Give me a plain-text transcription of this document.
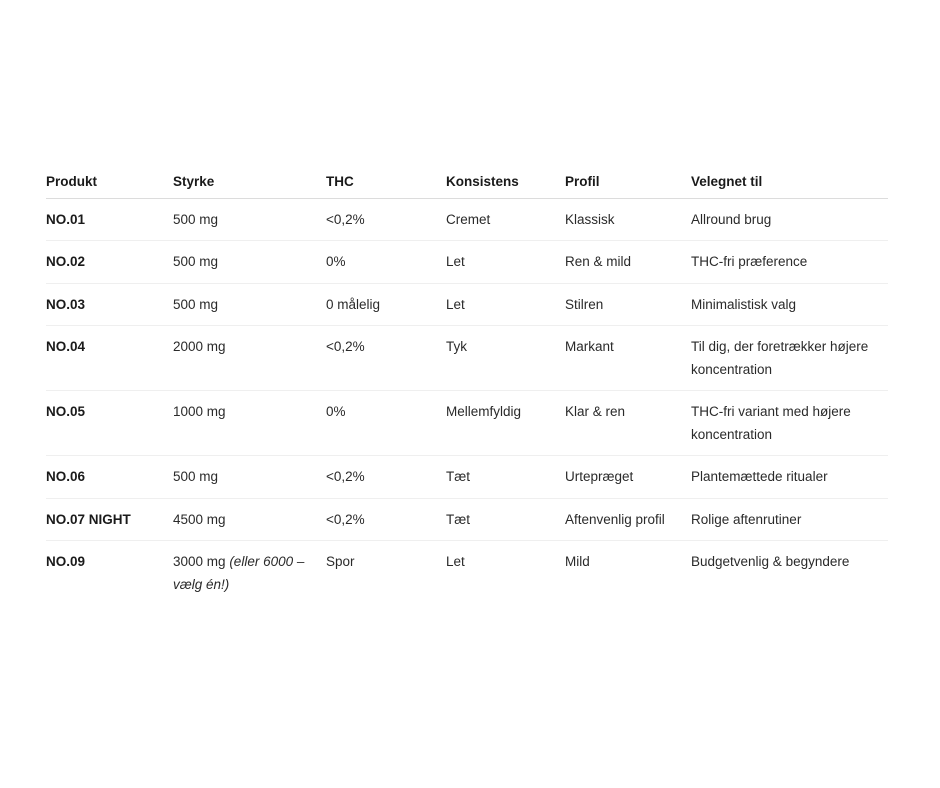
Produkt	Styrke	THC	Konsistens	Profil	Velegnet til
NO.01	500 mg	<0,2%	Cremet	Klassisk	Allround brug
NO.02	500 mg	0%	Let	Ren & mild	THC-fri præference
NO.03	500 mg	0 målelig	Let	Stilren	Minimalistisk valg
NO.04	2000 mg	<0,2%	Tyk	Markant	Til dig, der foretrækker højere koncentration
NO.05	1000 mg	0%	Mellemfyldig	Klar & ren	THC-fri variant med højere koncentration
NO.06	500 mg	<0,2%	Tæt	Urtepræget	Plantemættede ritualer
NO.07 NIGHT	4500 mg	<0,2%	Tæt	Aftenvenlig profil	Rolige aftenrutiner
NO.09	3000 mg (eller 6000 – vælg én!)	Spor	Let	Mild	Budgetvenlig & begyndere
